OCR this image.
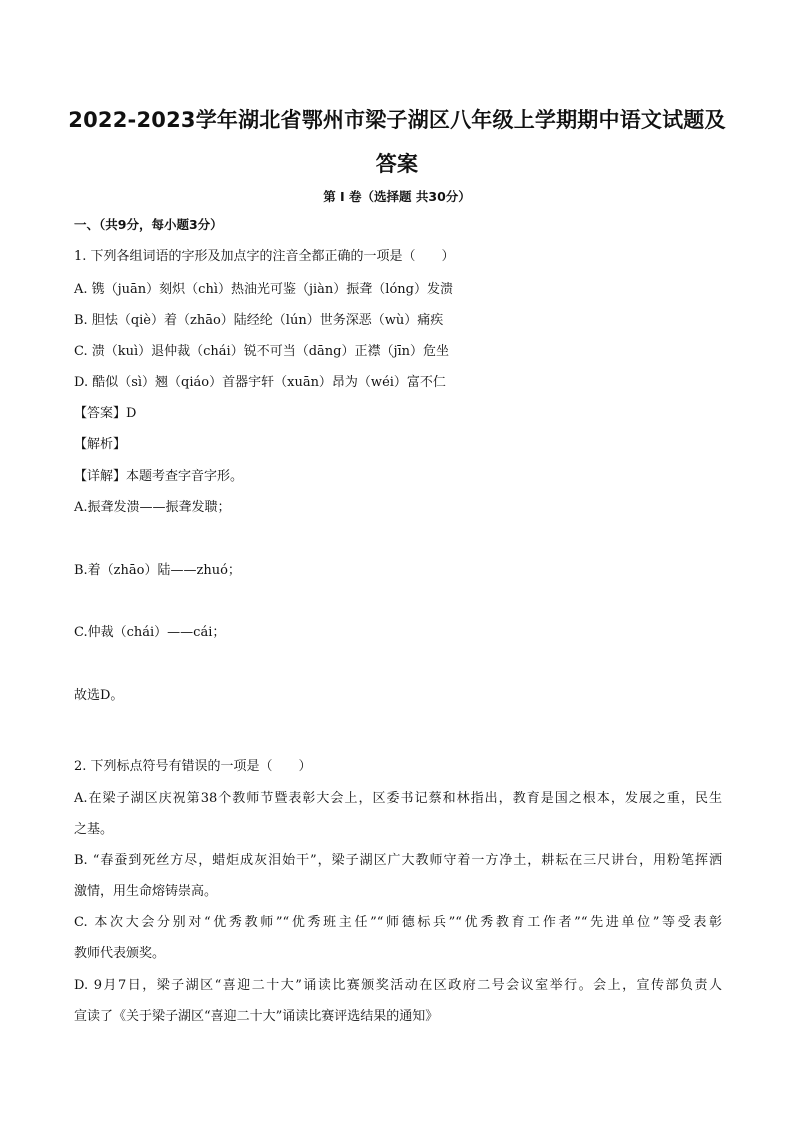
2022-2023学年湖北省鄂州市梁子湖区八年级上学期期中语文试题及
答案
第 I 卷（选择题 共30分）
一、（共9分，每小题3分）
1. 下列各组词语的字形及加点字的注音全都正确的一项是（　　）
A. 镌（juān）刻炽（chì）热油光可鉴（jiàn）振聋（lóng）发溃
B. 胆怯（qiè）着（zhāo）陆经纶（lún）世务深恶（wù）痛疾
C. 溃（kuì）退仲裁（chái）锐不可当（dāng）正襟（jīn）危坐
D. 酷似（sì）翘（qiáo）首器宇轩（xuān）昂为（wéi）富不仁
【答案】D
【解析】
【详解】本题考查字音字形。
A.振聋发溃——振聋发聩；
B.着（zhāo）陆——zhuó；
C.仲裁（chái）——cái；
故选D。
2. 下列标点符号有错误的一项是（　　）
A.在梁子湖区庆祝第38个教师节暨表彰大会上，区委书记蔡和林指出，教育是国之根本，发展之重，民生
之基。
B. “春蚕到死丝方尽，蜡炬成灰泪始干”，梁子湖区广大教师守着一方净土，耕耘在三尺讲台，用粉笔挥洒
激情，用生命熔铸崇高。
C. 本次大会分别对“优秀教师”“优秀班主任”“师德标兵”“优秀教育工作者”“先进单位”等受表彰
教师代表颁奖。
D. 9月7日，梁子湖区“喜迎二十大”诵读比赛颁奖活动在区政府二号会议室举行。会上，宣传部负责人
宣读了《关于梁子湖区“喜迎二十大”诵读比赛评选结果的通知》
